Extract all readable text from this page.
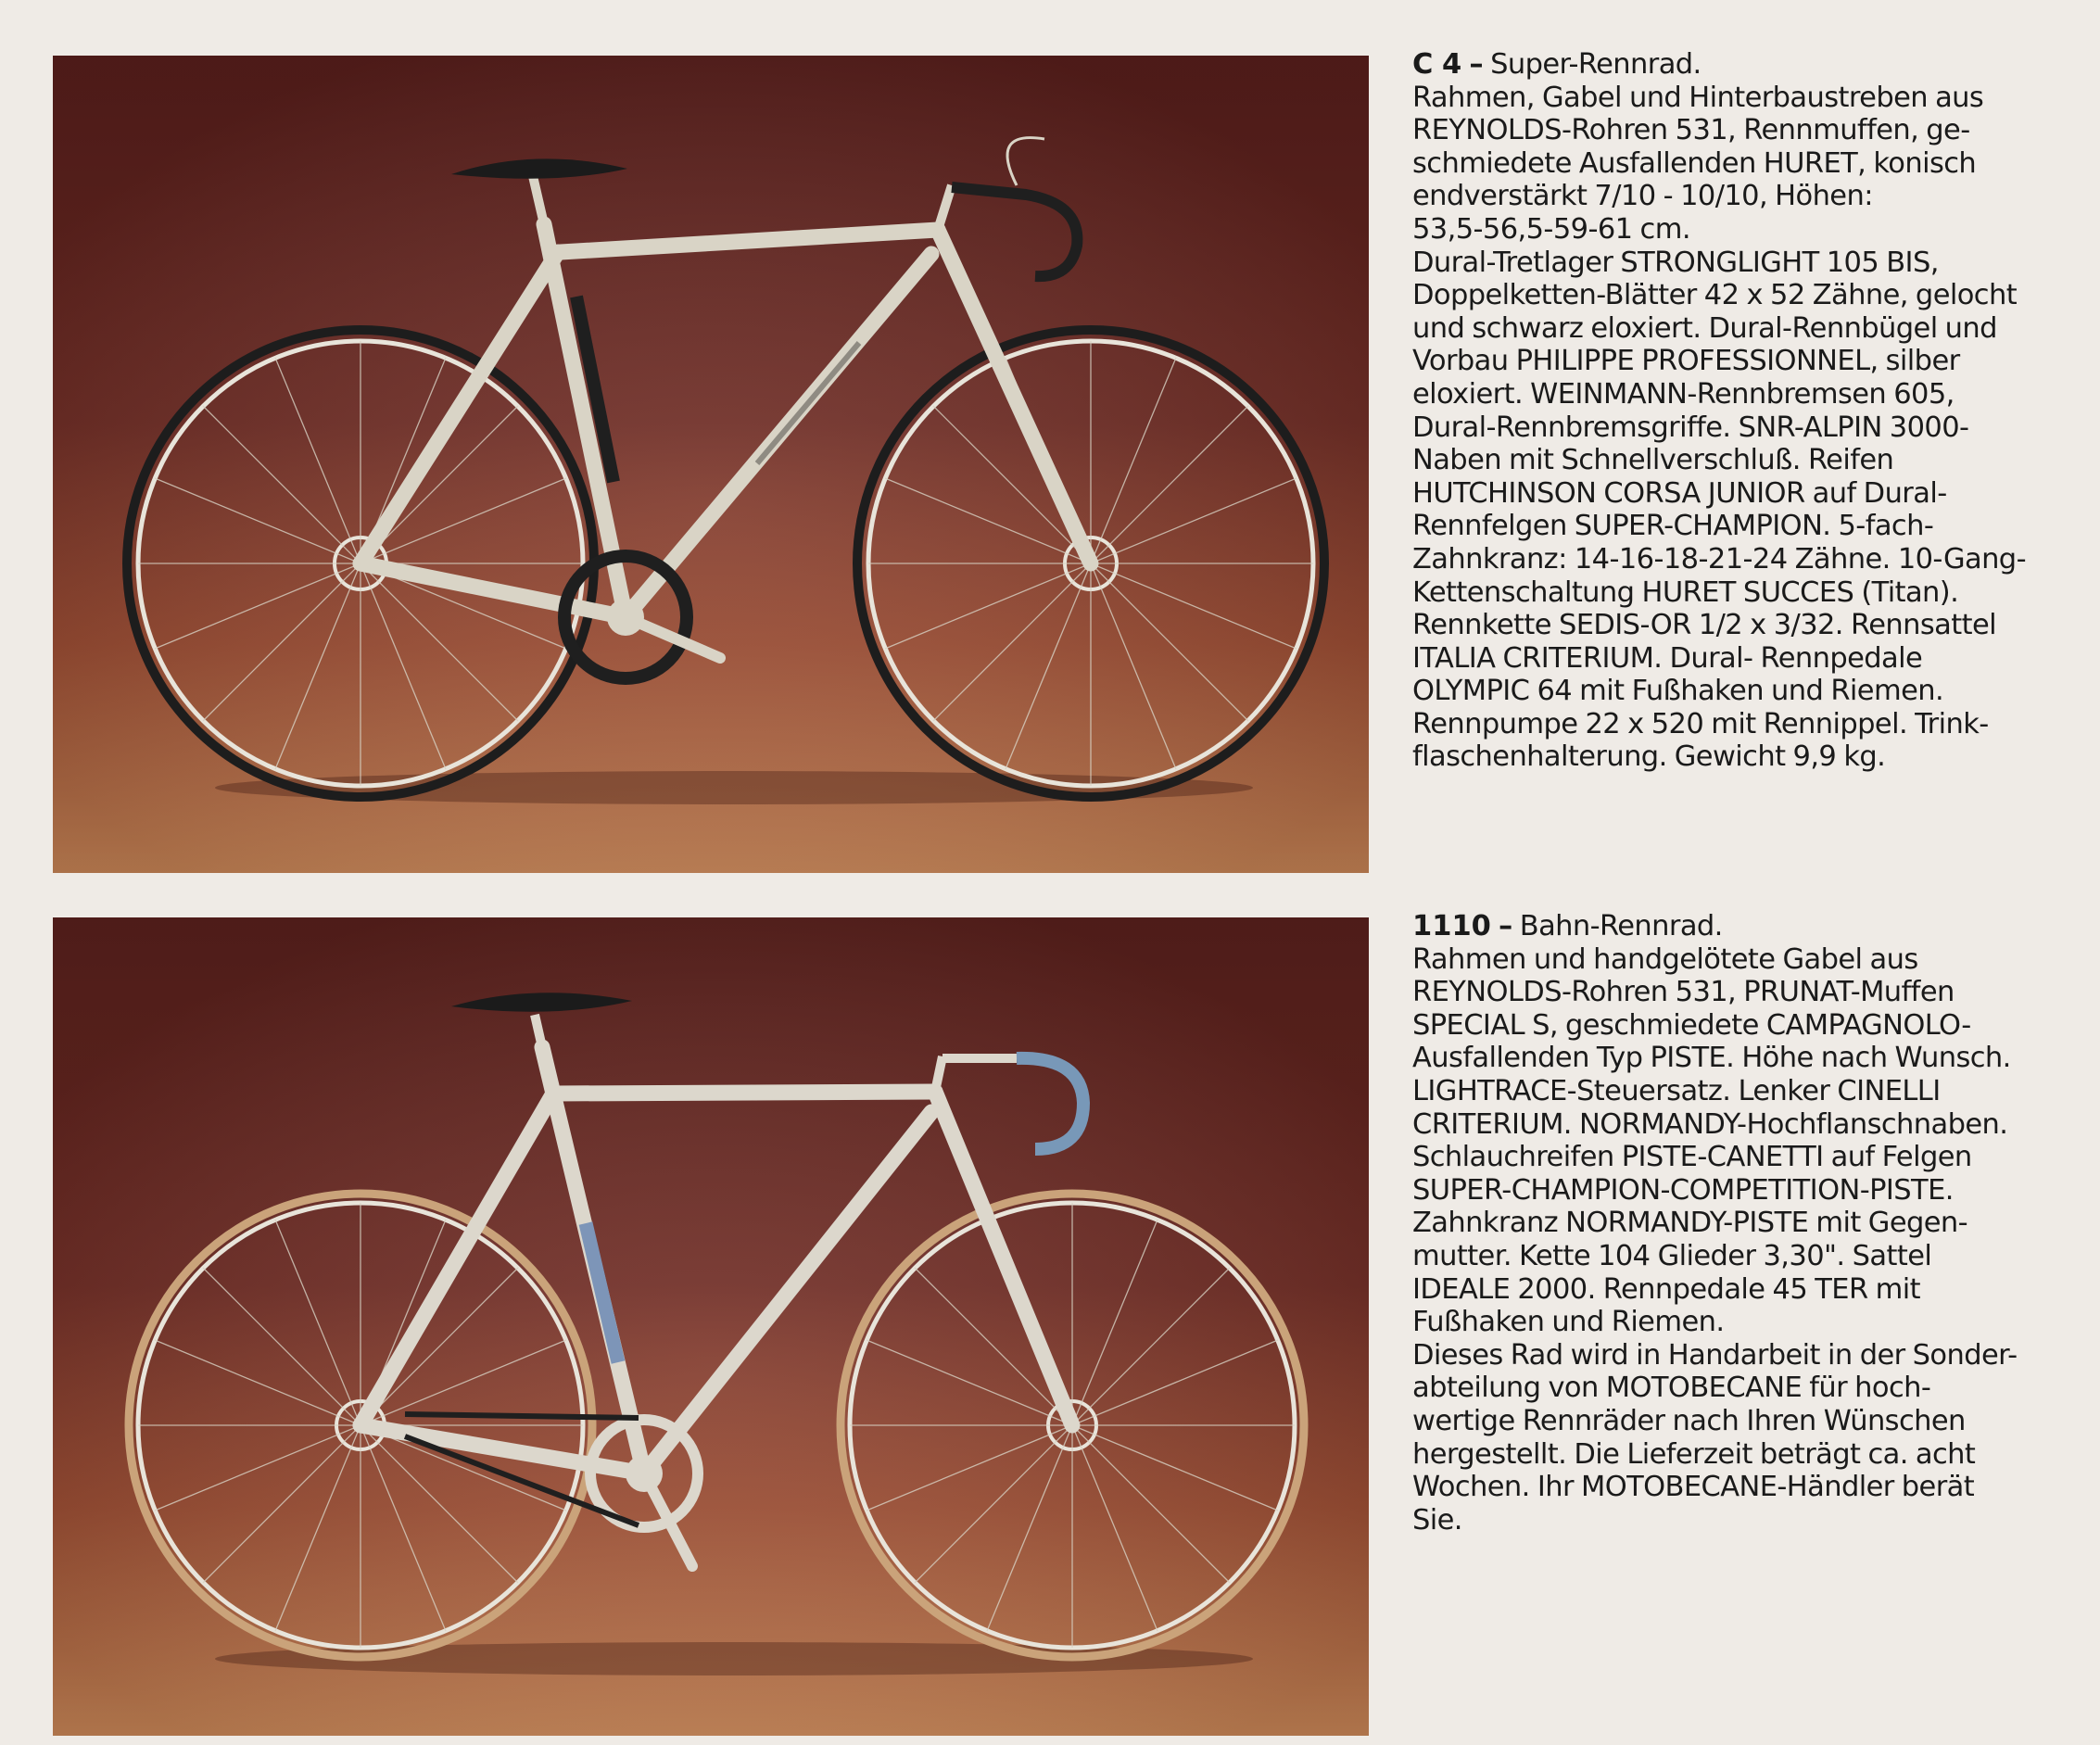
C 4 – Super-Rennrad.

Rahmen, Gabel und Hinterbaustreben aus
REYNOLDS-Rohren 531, Rennmuffen, ge-
schmiedete Ausfallenden HURET, konisch
endverstärkt 7/10 - 10/10, Höhen:
53,5-56,5-59-61 cm.
Dural-Tretlager STRONGLIGHT 105 BIS,
Doppelketten-Blätter 42 x 52 Zähne, gelocht
und schwarz eloxiert. Dural-Rennbügel und
Vorbau PHILIPPE PROFESSIONNEL, silber
eloxiert. WEINMANN-Rennbremsen 605,
Dural-Rennbremsgriffe. SNR-ALPIN 3000-
Naben mit Schnellverschluß. Reifen
HUTCHINSON CORSA JUNIOR auf Dural-
Rennfelgen SUPER-CHAMPION. 5-fach-
Zahnkranz: 14-16-18-21-24 Zähne. 10-Gang-
Kettenschaltung HURET SUCCES (Titan).
Rennkette SEDIS-OR 1/2 x 3/32. Rennsattel
ITALIA CRITERIUM. Dural- Rennpedale
OLYMPIC 64 mit Fußhaken und Riemen.
Rennpumpe 22 x 520 mit Rennippel. Trink-
flaschenhalterung. Gewicht 9,9 kg.

1110 – Bahn-Rennrad.

Rahmen und handgelötete Gabel aus
REYNOLDS-Rohren 531, PRUNAT-Muffen
SPECIAL S, geschmiedete CAMPAGNOLO-
Ausfallenden Typ PISTE. Höhe nach Wunsch.
LIGHTRACE-Steuersatz. Lenker CINELLI
CRITERIUM. NORMANDY-Hochflanschnaben.
Schlauchreifen PISTE-CANETTI auf Felgen
SUPER-CHAMPION-COMPETITION-PISTE.
Zahnkranz NORMANDY-PISTE mit Gegen-
mutter. Kette 104 Glieder 3,30". Sattel
IDEALE 2000. Rennpedale 45 TER mit
Fußhaken und Riemen.
Dieses Rad wird in Handarbeit in der Sonder-
abteilung von MOTOBECANE für hoch-
wertige Rennräder nach Ihren Wünschen
hergestellt. Die Lieferzeit beträgt ca. acht
Wochen. Ihr MOTOBECANE-Händler berät
Sie.
